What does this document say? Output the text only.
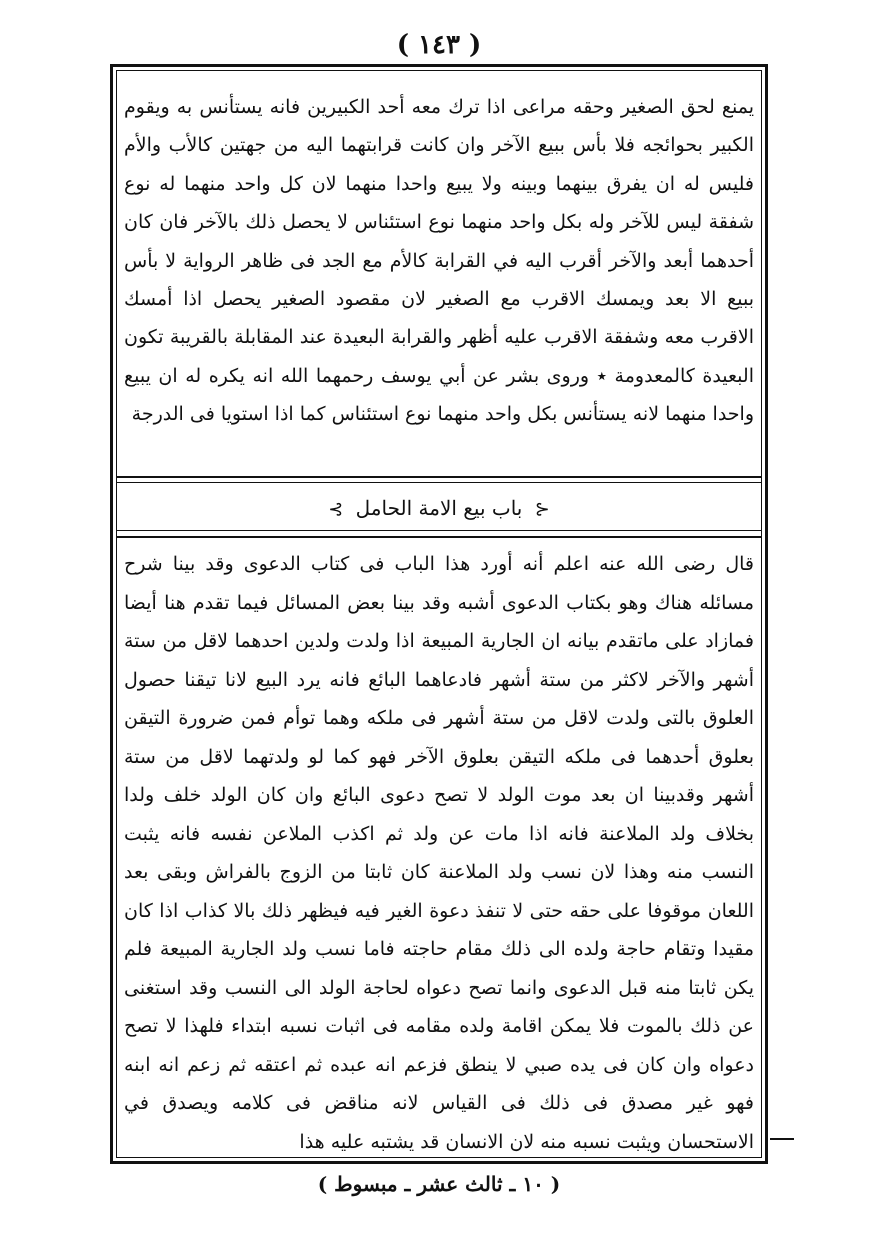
( ١٤٣ )

يمنع لحق الصغير وحقه مراعى اذا ترك معه أحد الكبيرين فانه يستأنس به ويقوم الكبير بحوائجه فلا بأس ببيع الآخر وان كانت قرابتهما اليه من جهتين كالأب والأم فليس له ان يفرق بينهما وبينه ولا يبيع واحدا منهما لان كل واحد منهما له نوع شفقة ليس للآخر وله بكل واحد منهما نوع استئناس لا يحصل ذلك بالآخر فان كان أحدهما أبعد والآخر أقرب اليه في القرابة كالأم مع الجد فى ظاهر الرواية لا بأس ببيع الا بعد ويمسك الاقرب مع الصغير لان مقصود الصغير يحصل اذا أمسك الاقرب معه وشفقة الاقرب عليه أظهر والقرابة البعيدة عند المقابلة بالقريبة تكون البعيدة كالمعدومة ٭ وروى بشر عن أبي يوسف رحمهما الله انه يكره له ان يبيع واحدا منهما لانه يستأنس بكل واحد منهما نوع استئناس كما اذا استويا فى الدرجة

⊰ باب بيع الامة الحامل ⊱

قال رضى الله عنه اعلم أنه أورد هذا الباب فى كتاب الدعوى وقد بينا شرح مسائله هناك وهو بكتاب الدعوى أشبه وقد بينا بعض المسائل فيما تقدم هنا أيضا فمازاد على ماتقدم بيانه ان الجارية المبيعة اذا ولدت ولدين احدهما لاقل من ستة أشهر والآخر لاكثر من ستة أشهر فادعاهما البائع فانه يرد البيع لانا تيقنا حصول العلوق بالتى ولدت لاقل من ستة أشهر فى ملكه وهما توأم فمن ضرورة التيقن بعلوق أحدهما فى ملكه التيقن بعلوق الآخر فهو كما لو ولدتهما لاقل من ستة أشهر وقدبينا ان بعد موت الولد لا تصح دعوى البائع وان كان الولد خلف ولدا بخلاف ولد الملاعنة فانه اذا مات عن ولد ثم اكذب الملاعن نفسه فانه يثبت النسب منه وهذا لان نسب ولد الملاعنة كان ثابتا من الزوج بالفراش وبقى بعد اللعان موقوفا على حقه حتى لا تنفذ دعوة الغير فيه فيظهر ذلك بالا كذاب اذا كان مقيدا وتقام حاجة ولده الى ذلك مقام حاجته فاما نسب ولد الجارية المبيعة فلم يكن ثابتا منه قبل الدعوى وانما تصح دعواه لحاجة الولد الى النسب وقد استغنى عن ذلك بالموت فلا يمكن اقامة ولده مقامه فى اثبات نسبه ابتداء فلهذا لا تصح دعواه وان كان فى يده صبي لا ينطق فزعم انه عبده ثم اعتقه ثم زعم انه ابنه فهو غير مصدق فى ذلك فى القياس لانه مناقض فى كلامه ويصدق في الاستحسان ويثبت نسبه منه لان الانسان قد يشتبه عليه هذا

( ١٠ ـ ثالث عشر ـ مبسوط )
